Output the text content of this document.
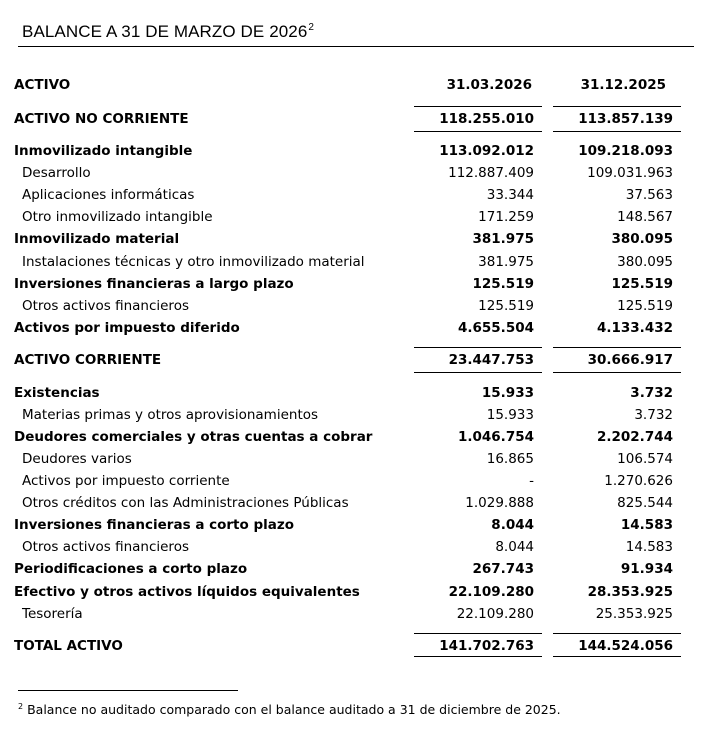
BALANCE A 31 DE MARZO DE 2026$^2$
ACTIVO	31.03.2026	31.12.2025
ACTIVO NO CORRIENTE	118.255.010	113.857.139
Inmovilizado intangible	113.092.012	109.218.093
Desarrollo	112.887.409	109.031.963
Aplicaciones informáticas	33.344	37.563
Otro inmovilizado intangible	171.259	148.567
Inmovilizado material	381.975	380.095
Instalaciones técnicas y otro inmovilizado material	381.975	380.095
Inversiones financieras a largo plazo	125.519	125.519
Otros activos financieros	125.519	125.519
Activos por impuesto diferido	4.655.504	4.133.432
ACTIVO CORRIENTE	23.447.753	30.666.917
Existencias	15.933	3.732
Materias primas y otros aprovisionamientos	15.933	3.732
Deudores comerciales y otras cuentas a cobrar	1.046.754	2.202.744
Deudores varios	16.865	106.574
Activos por impuesto corriente	-	1.270.626
Otros créditos con las Administraciones Públicas	1.029.888	825.544
Inversiones financieras a corto plazo	8.044	14.583
Otros activos financieros	8.044	14.583
Periodificaciones a corto plazo	267.743	91.934
Efectivo y otros activos líquidos equivalentes	22.109.280	28.353.925
Tesorería	22.109.280	25.353.925
TOTAL ACTIVO	141.702.763	144.524.056
$^2$ Balance no auditado comparado con el balance auditado a 31 de diciembre de 2025.
